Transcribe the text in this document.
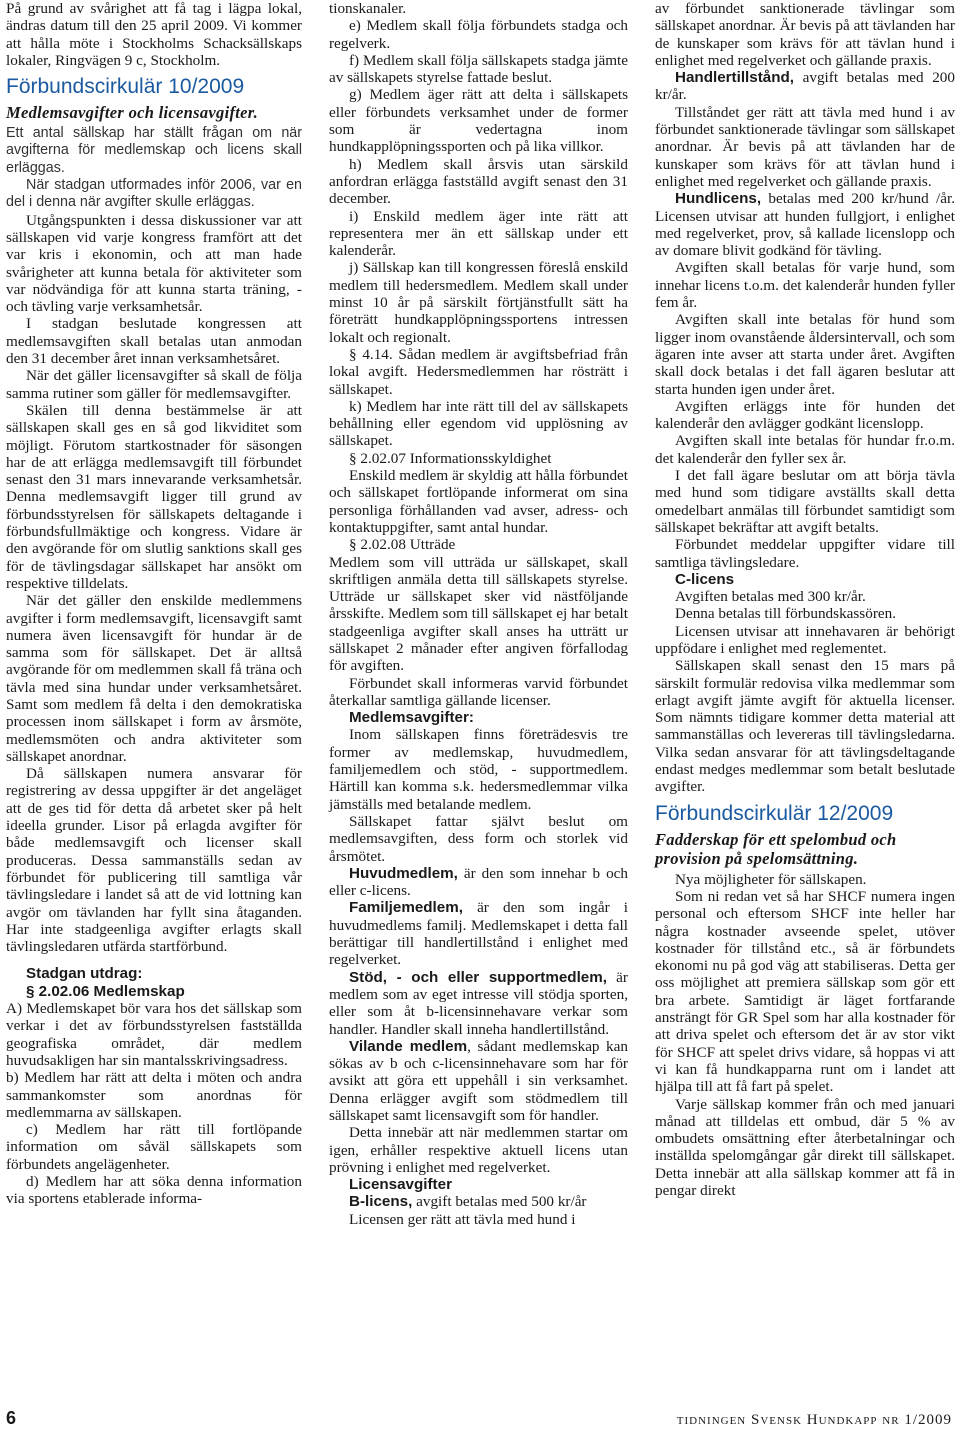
På grund av svårighet att få tag i lägpa lokal, ändras datum till den 25 april 2009. Vi kommer att hålla möte i Stockholms Schacksällskaps lokaler, Ringvägen 9 c, Stockholm.

Förbundscirkulär 10/2009
Medlemsavgifter och licensavgifter.

Ett antal sällskap har ställt frågan om när avgifterna för medlemskap och licens skall erläggas.

När stadgan utformades inför 2006, var en del i denna när avgifter skulle erläggas.

Utgångspunkten i dessa diskussioner var att sällskapen vid varje kongress framfört att det var kris i ekonomin, och att man hade svårigheter att kunna betala för aktiviteter som var nödvändiga för att kunna starta träning, - och tävling varje verksamhetsår.

I stadgan beslutade kongressen att medlemsavgiften skall betalas utan anmodan den 31 december året innan verksamhetsåret.

När det gäller licensavgifter så skall de följa samma rutiner som gäller för medlemsavgifter.

Skälen till denna bestämmelse är att sällskapen skall ges en så god likviditet som möjligt. Förutom startkostnader för säsongen har de att erlägga medlemsavgift till förbundet senast den 31 mars innevarande verksamhetsår. Denna medlemsavgift ligger till grund av förbundsstyrelsen för sällskapets deltagande i förbundsfullmäktige och kongress. Vidare är den avgörande för om slutlig sanktions skall ges för de tävlingsdagar sällskapet har ansökt om respektive tilldelats.

När det gäller den enskilde medlemmens avgifter i form medlemsavgift, licensavgift samt numera även licensavgift för hundar är de samma som för sällskapet. Det är alltså avgörande för om medlemmen skall få träna och tävla med sina hundar under verksamhetsåret. Samt som medlem få delta i den demokratiska processen inom sällskapet i form av årsmöte, medlemsmöten och andra aktiviteter som sällskapet anordnar.

Då sällskapen numera ansvarar för registrering av dessa uppgifter är det angeläget att de ges tid för detta då arbetet sker på helt ideella grunder. Lisor på erlagda avgifter för både medlemsavgift och licenser skall produceras. Dessa sammanställs sedan av förbundet för publicering till samtliga vår tävlingsledare i landet så att de vid lottning kan avgör om tävlanden har fyllt sina åtaganden. Har inte stadgeenliga avgifter erlagts skall tävlingsledaren utfärda startförbund.

Stadgan utdrag:

§ 2.02.06 Medlemskap

A) Medlemskapet bör vara hos det sällskap som verkar i det av förbundsstyrelsen fastställda geografiska området, där medlem huvudsakligen har sin mantalsskrivingsadress.

b) Medlem har rätt att delta i möten och andra sammankomster som anordnas för medlemmarna av sällskapen.

c) Medlem har rätt till fortlöpande information om såväl sällskapets som förbundets angelägenheter.

d) Medlem har att söka denna information via sportens etablerade informa-

tionskanaler.

e) Medlem skall följa förbundets stadga och regelverk.

f) Medlem skall följa sällskapets stadga jämte av sällskapets styrelse fattade beslut.

g) Medlem äger rätt att delta i sällskapets eller förbundets verksamhet under de former som är vedertagna inom hundkapplöpningssporten och på lika villkor.

h) Medlem skall årsvis utan särskild anfordran erlägga fastställd avgift senast den 31 december.

i) Enskild medlem äger inte rätt att representera mer än ett sällskap under ett kalenderår.

j) Sällskap kan till kongressen föreslå enskild medlem till hedersmedlem. Medlem skall under minst 10 år på särskilt förtjänstfullt sätt ha företrätt hundkapplöpningssportens intressen lokalt och regionalt.

§ 4.14. Sådan medlem är avgiftsbefriad från lokal avgift. Hedersmedlemmen har rösträtt i sällskapet.

k) Medlem har inte rätt till del av sällskapets behållning eller egendom vid upplösning av sällskapet.

§ 2.02.07 Informationsskyldighet

Enskild medlem är skyldig att hålla förbundet och sällskapet fortlöpande informerat om sina personliga förhållanden vad avser, adress- och kontaktuppgifter, samt antal hundar.

§ 2.02.08 Utträde

Medlem som vill utträda ur sällskapet, skall skriftligen anmäla detta till sällskapets styrelse. Utträde ur sällskapet sker vid nästföljande årsskifte. Medlem som till sällskapet ej har betalt stadgeenliga avgifter skall anses ha utträtt ur sällskapet 2 månader efter angiven förfallodag för avgiften.

Förbundet skall informeras varvid förbundet återkallar samtliga gällande licenser.

Medlemsavgifter:

Inom sällskapen finns företrädesvis tre former av medlemskap, huvudmedlem, familjemedlem och stöd, - supportmedlem. Härtill kan komma s.k. hedersmedlemmar vilka jämställs med betalande medlem.

Sällskapet fattar självt beslut om medlemsavgiften, dess form och storlek vid årsmötet.

Huvudmedlem, är den som innehar b och eller c-licens.

Familjemedlem, är den som ingår i huvudmedlems familj. Medlemskapet i detta fall berättigar till handlertillstånd i enlighet med regelverket.

Stöd, - och eller supportmedlem, är medlem som av eget intresse vill stödja sporten, eller som åt b-licensinnehavare verkar som handler. Handler skall inneha handlertillstånd.

Vilande medlem, sådant medlemskap kan sökas av b och c-licensinnehavare som har för avsikt att göra ett uppehåll i sin verksamhet. Denna erlägger avgift som stödmedlem till sällskapet samt licensavgift som för handler.

Detta innebär att när medlemmen startar om igen, erhåller respektive aktuell licens utan prövning i enlighet med regelverket.

Licensavgifter

B-licens, avgift betalas med 500 kr/år

Licensen ger rätt att tävla med hund i

av förbundet sanktionerade tävlingar som sällskapet anordnar. Är bevis på att tävlanden har de kunskaper som krävs för att tävlan hund i enlighet med regelverket och gällande praxis.

Handlertillstånd, avgift betalas med 200 kr/år.

Tillståndet ger rätt att tävla med hund i av förbundet sanktionerade tävlingar som sällskapet anordnar. Är bevis på att tävlanden har de kunskaper som krävs för att tävlan hund i enlighet med regelverket och gällande praxis.

Hundlicens, betalas med 200 kr/hund /år. Licensen utvisar att hunden fullgjort, i enlighet med regelverket, prov, så kallade licenslopp och av domare blivit godkänd för tävling.

Avgiften skall betalas för varje hund, som innehar licens t.o.m. det kalenderår hunden fyller fem år.

Avgiften skall inte betalas för hund som ligger inom ovanstående åldersintervall, och som ägaren inte avser att starta under året. Avgiften skall dock betalas i det fall ägaren beslutar att starta hunden igen under året.

Avgiften erläggs inte för hunden det kalenderår den avlägger godkänt licenslopp.

Avgiften skall inte betalas för hundar fr.o.m. det kalenderår den fyller sex år.

I det fall ägare beslutar om att börja tävla med hund som tidigare avställts skall detta omedelbart anmälas till förbundet samtidigt som sällskapet bekräftar att avgift betalts.

Förbundet meddelar uppgifter vidare till samtliga tävlingsledare.

C-licens

Avgiften betalas med 300 kr/år.

Denna betalas till förbundskassören.

Licensen utvisar att innehavaren är behörigt uppfödare i enlighet med reglementet.

Sällskapen skall senast den 15 mars på särskilt formulär redovisa vilka medlemmar som erlagt avgift jämte avgift för aktuella licenser. Som nämnts tidigare kommer detta material att sammanställas och levereras till tävlingsledarna. Vilka sedan ansvarar för att tävlingsdeltagande endast medges medlemmar som betalt beslutade avgifter.

Förbundscirkulär 12/2009
Fadderskap för ett spelombud och provision på spelomsättning.

Nya möjligheter för sällskapen.

Som ni redan vet så har SHCF numera ingen personal och eftersom SHCF inte heller har några kostnader avseende spelet, utöver kostnader för tillstånd etc., så är förbundets ekonomi nu på god väg att stabiliseras. Detta ger oss möjlighet att premiera sällskap som gör ett bra arbete. Samtidigt är läget fortfarande ansträngt för GR Spel som har alla kostnader för att driva spelet och eftersom det är av stor vikt för SHCF att spelet drivs vidare, så hoppas vi att vi kan få hundkapparna runt om i landet att hjälpa till att få fart på spelet.

Varje sällskap kommer från och med januari månad att tilldelas ett ombud, där 5 % av ombudets omsättning efter återbetalningar och inställda spelomgångar går direkt till sällskapet. Detta innebär att alla sällskap kommer att få in pengar direkt

6	tidningen Svensk Hundkapp nr 1/2009
